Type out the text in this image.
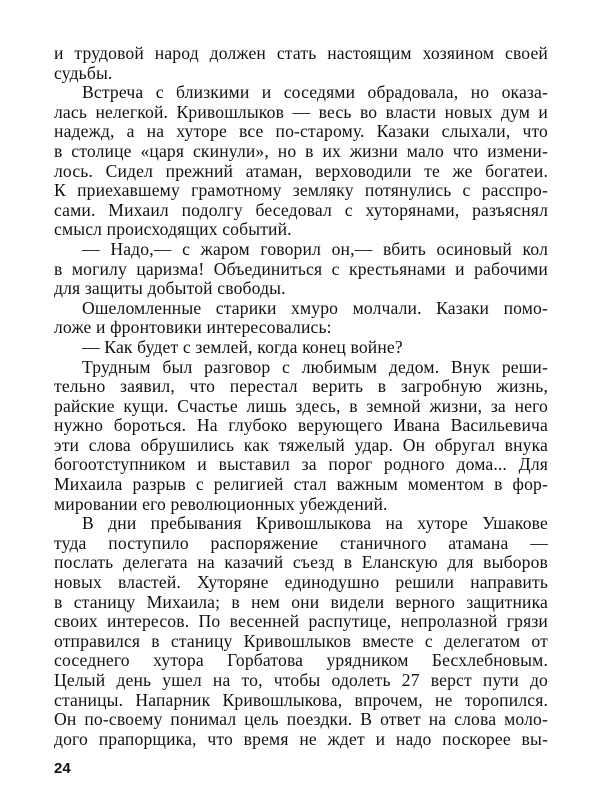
и трудовой народ должен стать настоящим хозяином своей
судьбы.
Встреча с близкими и соседями обрадовала, но оказа-
лась нелегкой. Кривошлыков — весь во власти новых дум и
надежд, а на хуторе все по-старому. Казаки слыхали, что
в столице «царя скинули», но в их жизни мало что измени-
лось. Сидел прежний атаман, верховодили те же богатеи.
К приехавшему грамотному земляку потянулись с расспро-
сами. Михаил подолгу беседовал с хуторянами, разъяснял
смысл происходящих событий.
— Надо,— с жаром говорил он,— вбить осиновый кол
в могилу царизма! Объединиться с крестьянами и рабочими
для защиты добытой свободы.
Ошеломленные старики хмуро молчали. Казаки помо-
ложе и фронтовики интересовались:
— Как будет с землей, когда конец войне?
Трудным был разговор с любимым дедом. Внук реши-
тельно заявил, что перестал верить в загробную жизнь,
райские кущи. Счастье лишь здесь, в земной жизни, за него
нужно бороться. На глубоко верующего Ивана Васильевича
эти слова обрушились как тяжелый удар. Он обругал внука
богоотступником и выставил за порог родного дома... Для
Михаила разрыв с религией стал важным моментом в фор-
мировании его революционных убеждений.
В дни пребывания Кривошлыкова на хуторе Ушакове
туда поступило распоряжение станичного атамана —
послать делегата на казачий съезд в Еланскую для выборов
новых властей. Хуторяне единодушно решили направить
в станицу Михаила; в нем они видели верного защитника
своих интересов. По весенней распутице, непролазной грязи
отправился в станицу Кривошлыков вместе с делегатом от
соседнего хутора Горбатова урядником Бесхлебновым.
Целый день ушел на то, чтобы одолеть 27 верст пути до
станицы. Напарник Кривошлыкова, впрочем, не торопился.
Он по-своему понимал цель поездки. В ответ на слова моло-
дого прапорщика, что время не ждет и надо поскорее вы-
24
